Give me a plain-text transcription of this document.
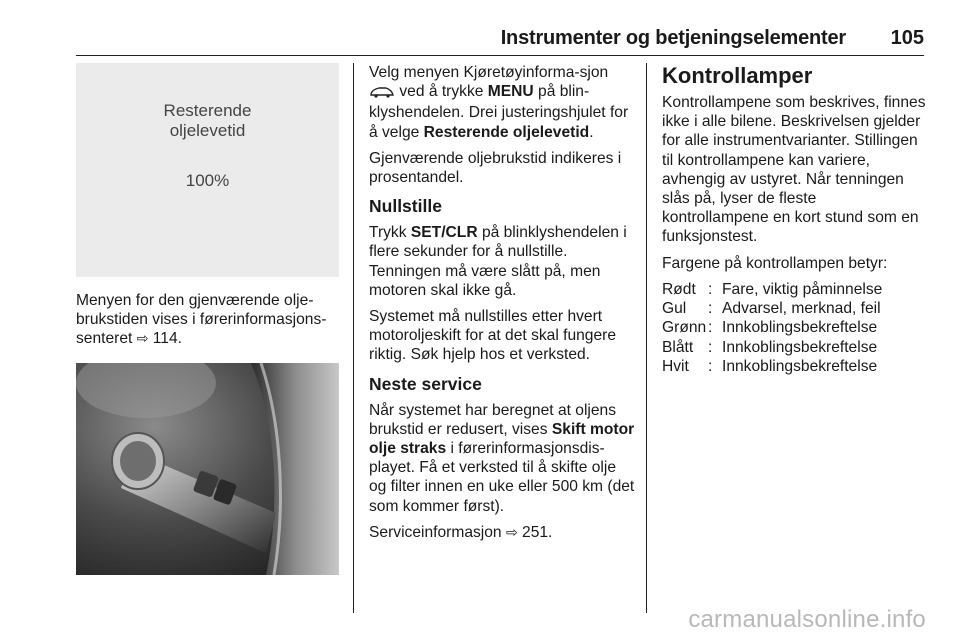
Instrumenter og betjeningselementer 105
Resterende
oljelevetid
100%

Menyen for den gjenværende olje-brukstiden vises i førerinformasjons-senteret ⇨ 114.

Velg menyen Kjøretøyinforma-sjon  ved å trykke MENU på blin-klyshendelen. Drei justeringshjulet for å velge Resterende oljelevetid.

Gjenværende oljebrukstid indikeres i prosentandel.

Nullstille

Trykk SET/CLR på blinklyshendelen i flere sekunder for å nullstille. Tenningen må være slått på, men motoren skal ikke gå.

Systemet må nullstilles etter hvert motoroljeskift for at det skal fungere riktig. Søk hjelp hos et verksted.

Neste service

Når systemet har beregnet at oljens brukstid er redusert, vises Skift motor olje straks i førerinformasjonsdis-playet. Få et verksted til å skifte olje og filter innen en uke eller 500 km (det som kommer først).

Serviceinformasjon ⇨ 251.

Kontrollamper

Kontrollampene som beskrives, finnes ikke i alle bilene. Beskrivelsen gjelder for alle instrumentvarianter. Stillingen til kontrollampene kan variere, avhengig av ustyret. Når tenningen slås på, lyser de fleste kontrollampene en kort stund som en funksjonstest.

Fargene på kontrollampen betyr:

Rødt	:	Fare, viktig påminnelse
Gul	:	Advarsel, merknad, feil
Grønn	:	Innkoblingsbekreftelse
Blått	:	Innkoblingsbekreftelse
Hvit	:	Innkoblingsbekreftelse
carmanualsonline.info
